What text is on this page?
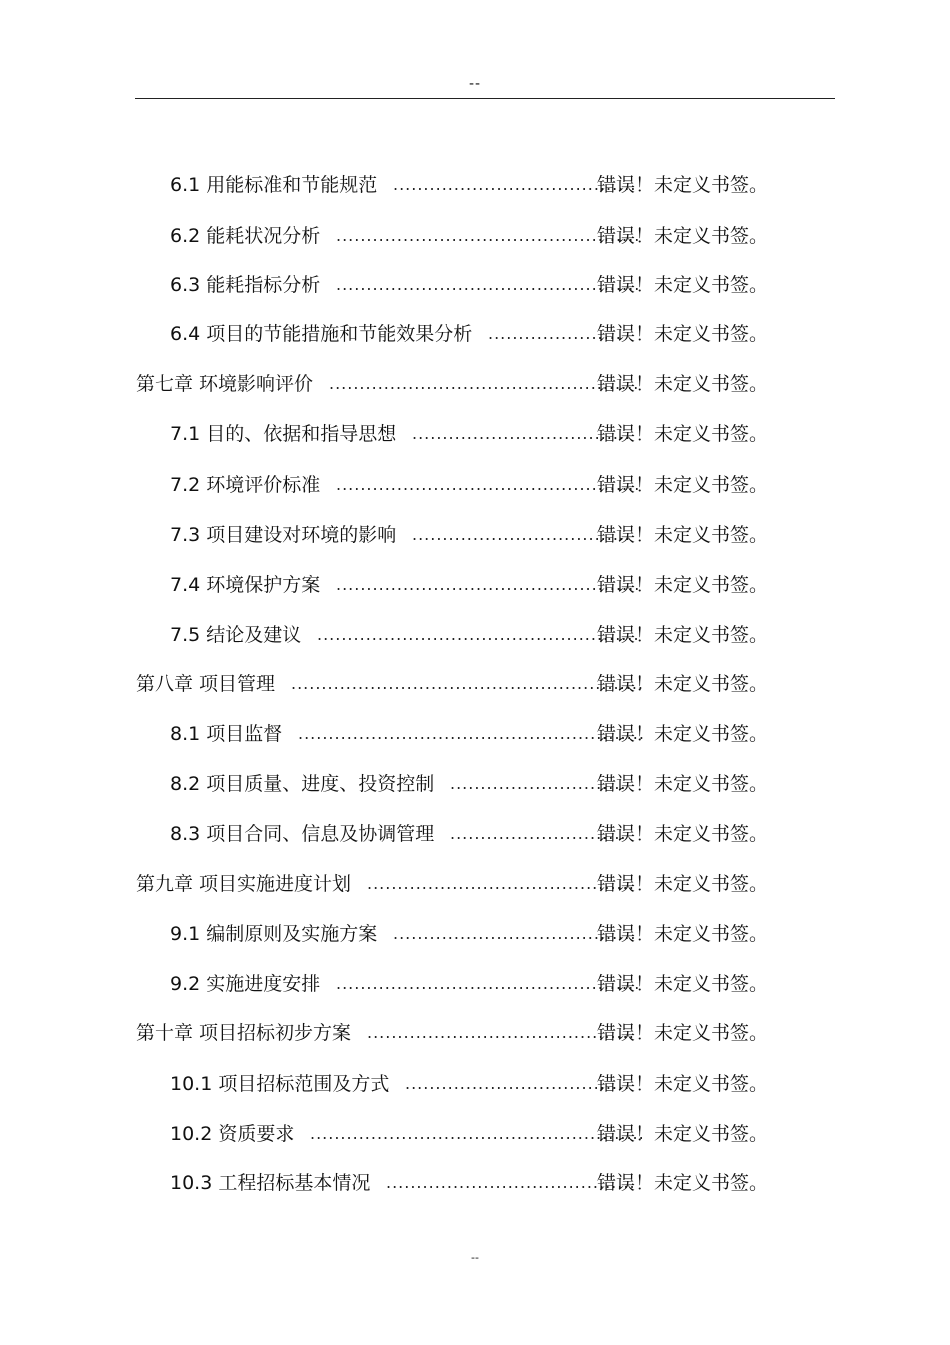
--
6.1 用能标准和节能规范 ........................................
错误！未定义书签。
6.2 能耗状况分析 ..................................................
错误！未定义书签。
6.3 能耗指标分析 ..................................................
错误！未定义书签。
6.4 项目的节能措施和节能效果分析 ......................
错误！未定义书签。
第七章 环境影响评价 ...................................................
错误！未定义书签。
7.1 目的、依据和指导思想 ....................................
错误！未定义书签。
7.2 环境评价标准 ..................................................
错误！未定义书签。
7.3 项目建设对环境的影响 ....................................
错误！未定义书签。
7.4 环境保护方案 ..................................................
错误！未定义书签。
7.5 结论及建议 .....................................................
错误！未定义书签。
第八章 项目管理 ..........................................................
错误！未定义书签。
8.1 项目监督 .........................................................
错误！未定义书签。
8.2 项目质量、进度、投资控制 .............................
错误！未定义书签。
8.3 项目合同、信息及协调管理 .............................
错误！未定义书签。
第九章 项目实施进度计划 ............................................
错误！未定义书签。
9.1 编制原则及实施方案 ........................................
错误！未定义书签。
9.2 实施进度安排 ..................................................
错误！未定义书签。
第十章 项目招标初步方案 ............................................
错误！未定义书签。
10.1 项目招标范围及方式 .....................................
错误！未定义书签。
10.2 资质要求 .......................................................
错误！未定义书签。
10.3 工程招标基本情况 .........................................
错误！未定义书签。
--
